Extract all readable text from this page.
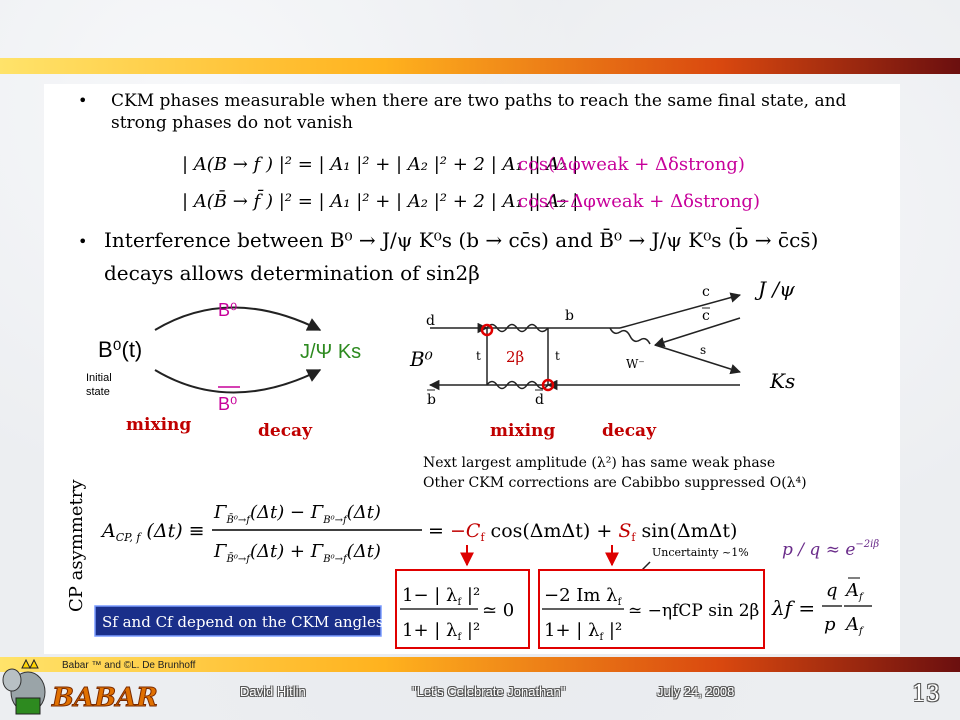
• CKM phases measurable when there are two paths to reach the same final state, and
strong phases do not vanish
| A(B → f ) |² = | A₁ |² + | A₂ |² + 2 | A₁ || A₂ |
cos(Δφweak + Δδstrong)
| A(B̄ → f̄ ) |² = | A₁ |² + | A₂ |² + 2 | A₁ || A₂ |
cos(−Δφweak + Δδstrong)
• Interference between B⁰ → J/ψ K⁰s (b → cc̄s) and B̄⁰ → J/ψ K⁰s (b̄ → c̄cs̄)
decays allows determination of sin2β
B⁰
B⁰(t)
Initial state
B⁰
J/Ψ Ks
mixing	decay
d	b
c
c
J /ψ
B⁰	t 2β	t
W⁻
s
Ks
b	d
mixing	decay
Next largest amplitude (λ²) has same weak phase
Other CKM corrections are Cabibbo suppressed O(λ⁴)
CP asymmetry $A_{CP, f}$ (Δt) ≡
$\Gamma_{B̄^0\to f}(\Delta t) - \Gamma_{B^0\to f}(\Delta t)$
$\Gamma_{B̄^0\to f}(\Delta t) + \Gamma_{B^0\to f}(\Delta t)$
= $-C_f$ $\cos(\Delta m\Delta t) + S_f$ sin(ΔmΔt)
Uncertainty ~1% $p / q \approx e^{-2i\beta}$
1− | $\lambda_f$ |²
1+ | $\lambda_f$ |²
≃ 0
−2 Im $\lambda_f$
1+ | $\lambda_f$ |²
≃ −ηfCP sin 2β λf =
q
p
$A_f$
$A_f$
Sf and Cf depend on the CKM angles
BABAR
Babar ™ and ©L. De Brunhoff
David Hitlin	"Let's Celebrate Jonathan"	July 24, 2008	13
